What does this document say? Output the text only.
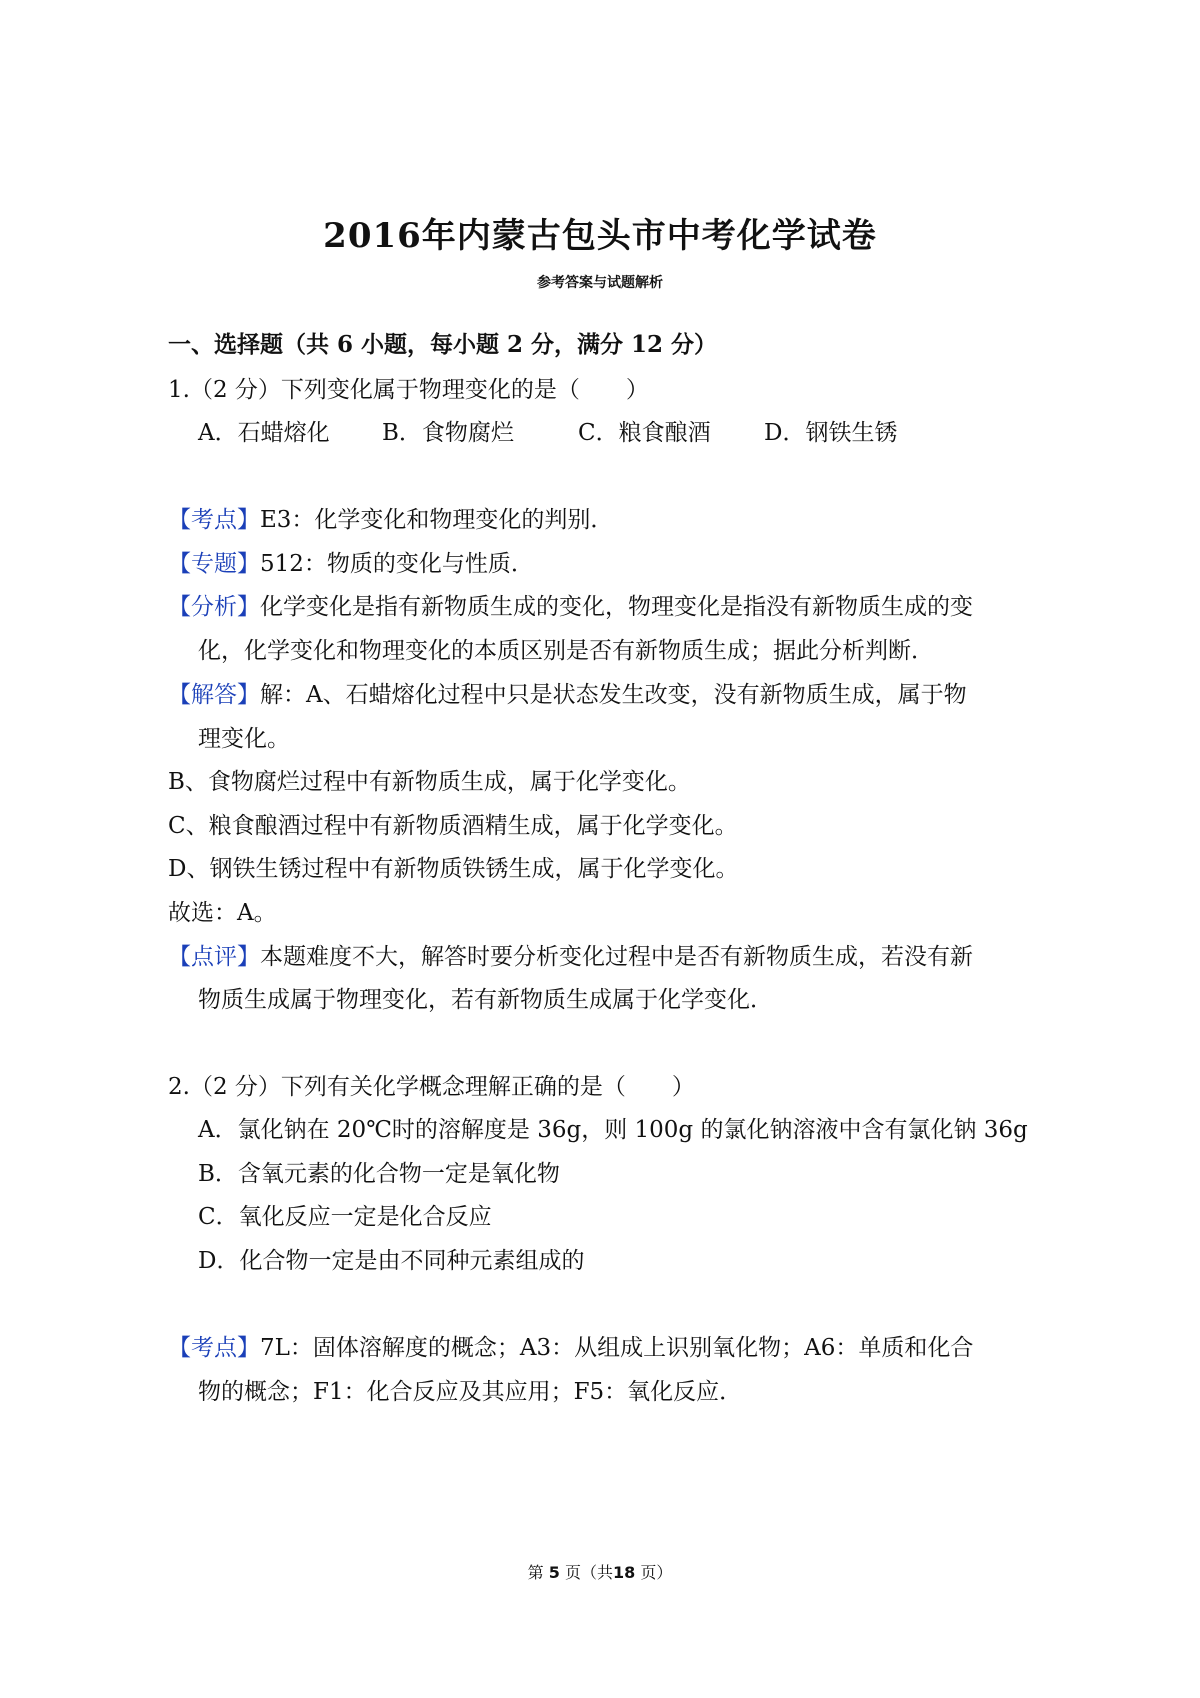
2016年内蒙古包头市中考化学试卷
参考答案与试题解析
一、选择题（共 6 小题，每小题 2 分，满分 12 分）
1.（2 分）下列变化属于物理变化的是（　　）
A．石蜡熔化 B．食物腐烂	C．粮食酿酒 D．钢铁生锈
【考点】E3：化学变化和物理变化的判别．
【专题】512：物质的变化与性质．
【分析】化学变化是指有新物质生成的变化，物理变化是指没有新物质生成的变
化，化学变化和物理变化的本质区别是否有新物质生成；据此分析判断．
【解答】解：A、石蜡熔化过程中只是状态发生改变，没有新物质生成，属于物
理变化。
B、食物腐烂过程中有新物质生成，属于化学变化。
C、粮食酿酒过程中有新物质酒精生成，属于化学变化。
D、钢铁生锈过程中有新物质铁锈生成，属于化学变化。
故选：A。
【点评】本题难度不大，解答时要分析变化过程中是否有新物质生成，若没有新
物质生成属于物理变化，若有新物质生成属于化学变化．
2.（2 分）下列有关化学概念理解正确的是（　　）
A．氯化钠在 20℃时的溶解度是 36g，则 100g 的氯化钠溶液中含有氯化钠 36g
B．含氧元素的化合物一定是氧化物
C．氧化反应一定是化合反应
D．化合物一定是由不同种元素组成的
【考点】7L：固体溶解度的概念；A3：从组成上识别氧化物；A6：单质和化合
物的概念；F1：化合反应及其应用；F5：氧化反应．
第 5 页（共18 页）
